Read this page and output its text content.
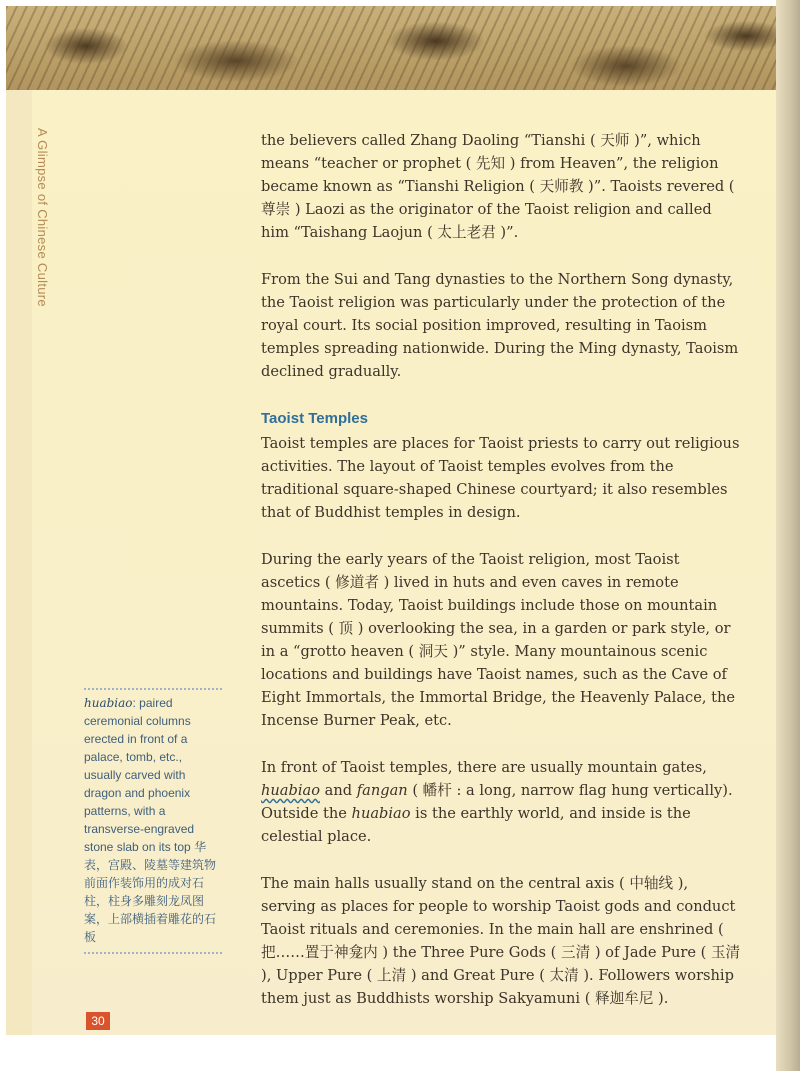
A Glimpse of Chinese Culture	the believers called Zhang Daoling “Tianshi ( 天师 )”, which means “teacher or prophet ( 先知 ) from Heaven”, the religion became known as “Tianshi Religion ( 天师教 )”. Taoists revered ( 尊崇 ) Laozi as the originator of the Taoist religion and called him “Taishang Laojun ( 太上老君 )”.

From the Sui and Tang dynasties to the Northern Song dynasty, the Taoist religion was particularly under the protection of the royal court. Its social position improved, resulting in Taoism temples spreading nationwide. During the Ming dynasty, Taoism declined gradually.

Taoist Temples

Taoist temples are places for Taoist priests to carry out religious activities. The layout of Taoist temples evolves from the traditional square-shaped Chinese courtyard; it also resembles that of Buddhist temples in design.

During the early years of the Taoist religion, most Taoist ascetics ( 修道者 ) lived in huts and even caves in remote mountains. Today, Taoist buildings include those on mountain summits ( 顶 ) overlooking the sea, in a garden or park style, or in a “grotto heaven ( 洞天 )” style. Many mountainous scenic locations and buildings have Taoist names, such as the Cave of Eight Immortals, the Immortal Bridge, the Heavenly Palace, the Incense Burner Peak, etc.

In front of Taoist temples, there are usually mountain gates, huabiao and fangan ( 幡杆 : a long, narrow flag hung vertically). Outside the huabiao is the earthly world, and inside is the celestial place.

The main halls usually stand on the central axis ( 中轴线 ), serving as places for people to worship Taoist gods and conduct Taoist rituals and ceremonies. In the main hall are enshrined ( 把……置于神龛内 ) the Three Pure Gods ( 三清 ) of Jade Pure ( 玉清 ), Upper Pure ( 上清 ) and Great Pure ( 太清 ). Followers worship them just as Buddhists worship Sakyamuni ( 释迦牟尼 ).

huabiao: paired ceremonial columns erected in front of a palace, tomb, etc., usually carved with dragon and phoenix patterns, with a transverse-engraved stone slab on its top 华表，宫殿、陵墓等建筑物前面作装饰用的成对石柱，柱身多雕刻龙凤图案，上部横插着雕花的石板
30
